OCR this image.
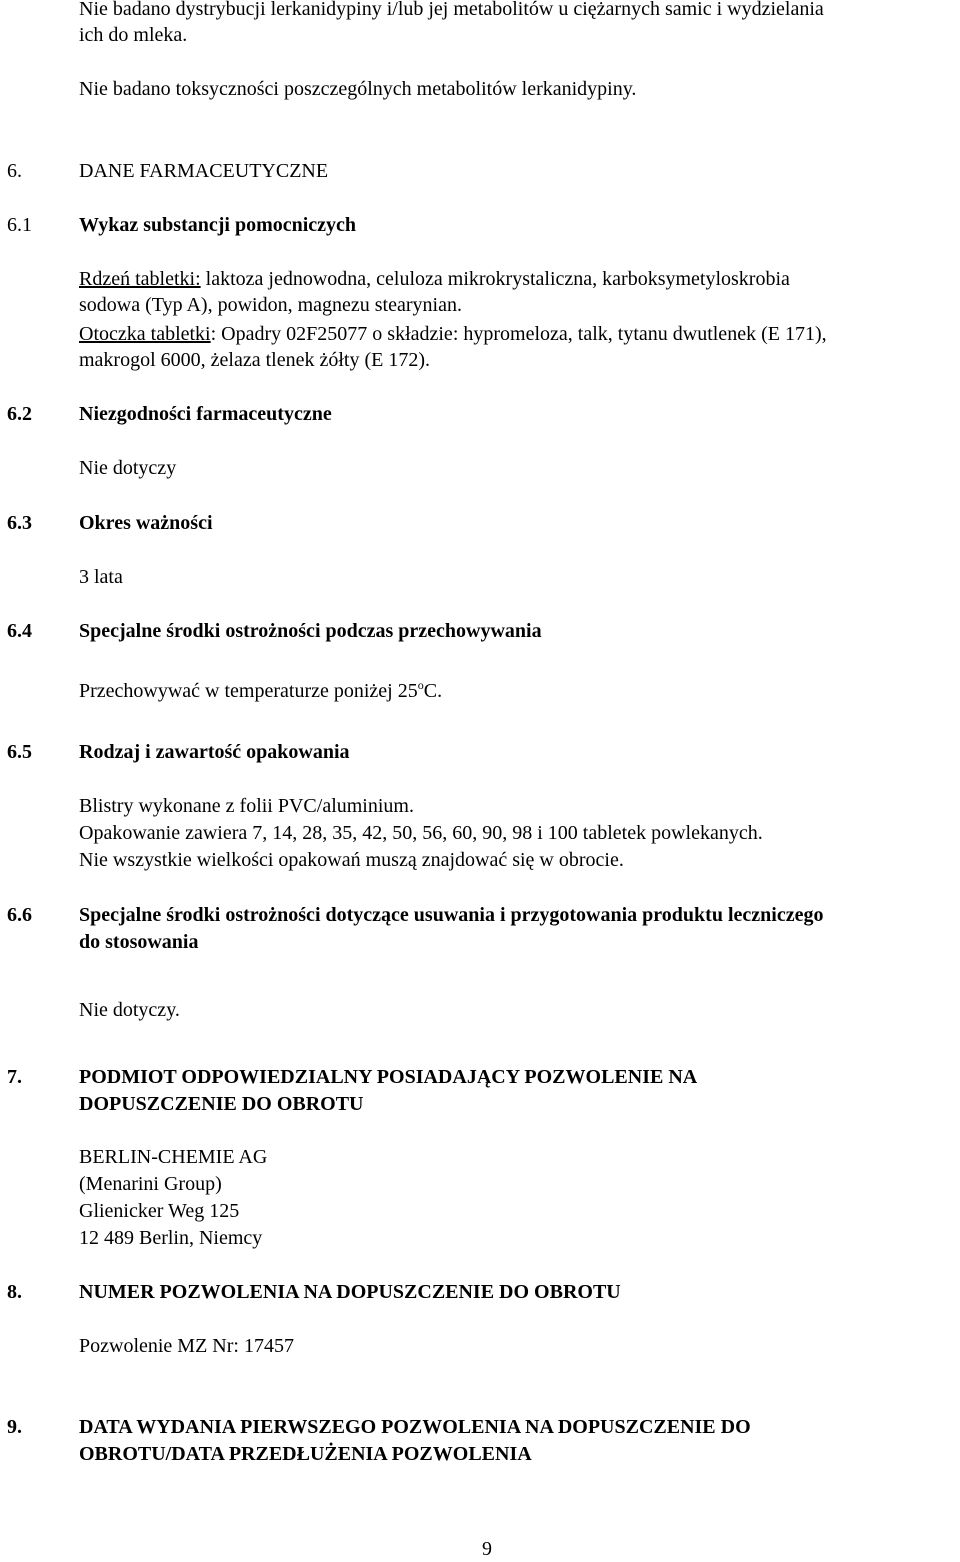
Nie badano dystrybucji lerkanidypiny i/lub jej metabolitów u ciężarnych samic i wydzielania
ich do mleka.
Nie badano toksyczności poszczególnych metabolitów lerkanidypiny.
6.	DANE FARMACEUTYCZNE
6.1 Wykaz substancji pomocniczych
Rdzeń tabletki: laktoza jednowodna, celuloza mikrokrystaliczna, karboksymetyloskrobia
sodowa (Typ A), powidon, magnezu stearynian.
Otoczka tabletki: Opadry 02F25077 o składzie: hypromeloza, talk, tytanu dwutlenek (E 171),
makrogol 6000, żelaza tlenek żółty (E 172).
6.2 Niezgodności farmaceutyczne
Nie dotyczy
6.3 Okres ważności
3 lata
6.4 Specjalne środki ostrożności podczas przechowywania
Przechowywać w temperaturze poniżej 25$^o$C.
6.5 Rodzaj i zawartość opakowania
Blistry wykonane z folii PVC/aluminium.
Opakowanie zawiera 7, 14, 28, 35, 42, 50, 56, 60, 90, 98 i 100 tabletek powlekanych.
Nie wszystkie wielkości opakowań muszą znajdować się w obrocie.
6.6 Specjalne środki ostrożności dotyczące usuwania i przygotowania produktu leczniczego
do stosowania
Nie dotyczy.
7.	PODMIOT ODPOWIEDZIALNY POSIADAJĄCY POZWOLENIE NA
DOPUSZCZENIE DO OBROTU
BERLIN-CHEMIE AG
(Menarini Group)
Glienicker Weg 125
12 489 Berlin, Niemcy
8.	NUMER POZWOLENIA NA DOPUSZCZENIE DO OBROTU
Pozwolenie MZ Nr: 17457
9.	DATA WYDANIA PIERWSZEGO POZWOLENIA NA DOPUSZCZENIE DO
OBROTU/DATA PRZEDŁUŻENIA POZWOLENIA
9
